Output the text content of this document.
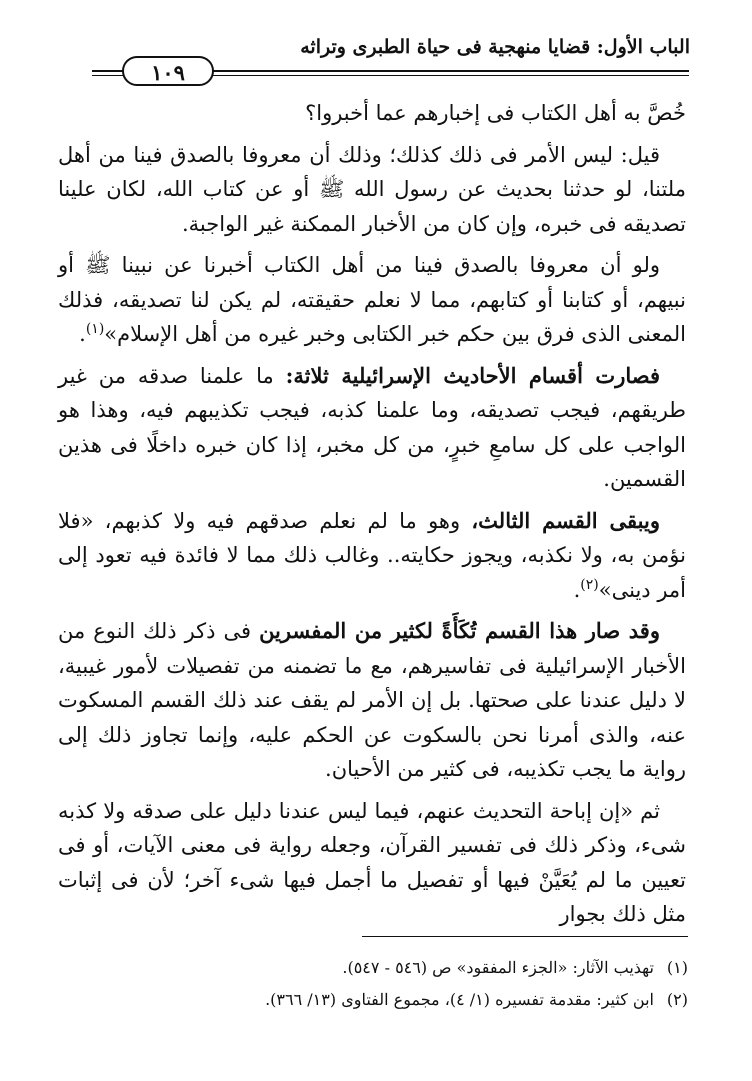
الباب الأول: قضايا منهجية فى حياة الطبرى وتراثه
١٠٩

خُصَّ به أهل الكتاب فى إخبارهم عما أخبروا؟

قيل: ليس الأمر فى ذلك كذلك؛ وذلك أن معروفا بالصدق فينا من أهل ملتنا، لو حدثنا بحديث عن رسول الله ﷺ أو عن كتاب الله، لكان علينا تصديقه فى خبره، وإن كان من الأخبار الممكنة غير الواجبة.

ولو أن معروفا بالصدق فينا من أهل الكتاب أخبرنا عن نبينا ﷺ أو نبيهم، أو كتابنا أو كتابهم، مما لا نعلم حقيقته، لم يكن لنا تصديقه، فذلك المعنى الذى فرق بين حكم خبر الكتابى وخبر غيره من أهل الإسلام»$^{(١)}$.

فصارت أقسام الأحاديث الإسرائيلية ثلاثة: ما علمنا صدقه من غير طريقهم، فيجب تصديقه، وما علمنا كذبه، فيجب تكذيبهم فيه، وهذا هو الواجب على كل سامعِ خبرٍ، من كل مخبر، إذا كان خبره داخلًا فى هذين القسمين.

ويبقى القسم الثالث، وهو ما لم نعلم صدقهم فيه ولا كذبهم، «فلا نؤمن به، ولا نكذبه، ويجوز حكايته.. وغالب ذلك مما لا فائدة فيه تعود إلى أمر دينى»$^{(٢)}$.

وقد صار هذا القسم تُكَأَةً لكثير من المفسرين فى ذكر ذلك النوع من الأخبار الإسرائيلية فى تفاسيرهم، مع ما تضمنه من تفصيلات لأمور غيبية، لا دليل عندنا على صحتها. بل إن الأمر لم يقف عند ذلك القسم المسكوت عنه، والذى أمرنا نحن بالسكوت عن الحكم عليه، وإنما تجاوز ذلك إلى رواية ما يجب تكذيبه، فى كثير من الأحيان.

ثم «إن إباحة التحديث عنهم، فيما ليس عندنا دليل على صدقه ولا كذبه شىء، وذكر ذلك فى تفسير القرآن، وجعله رواية فى معنى الآيات، أو فى تعيين ما لم يُعَيَّنْ فيها أو تفصيل ما أجمل فيها شىء آخر؛ لأن فى إثبات مثل ذلك بجوار

(١)تهذيب الآثار: «الجزء المفقود» ص (٥٤٦ - ٥٤٧).
(٢)ابن كثير: مقدمة تفسيره (١/ ٤)، مجموع الفتاوى (١٣/ ٣٦٦).
